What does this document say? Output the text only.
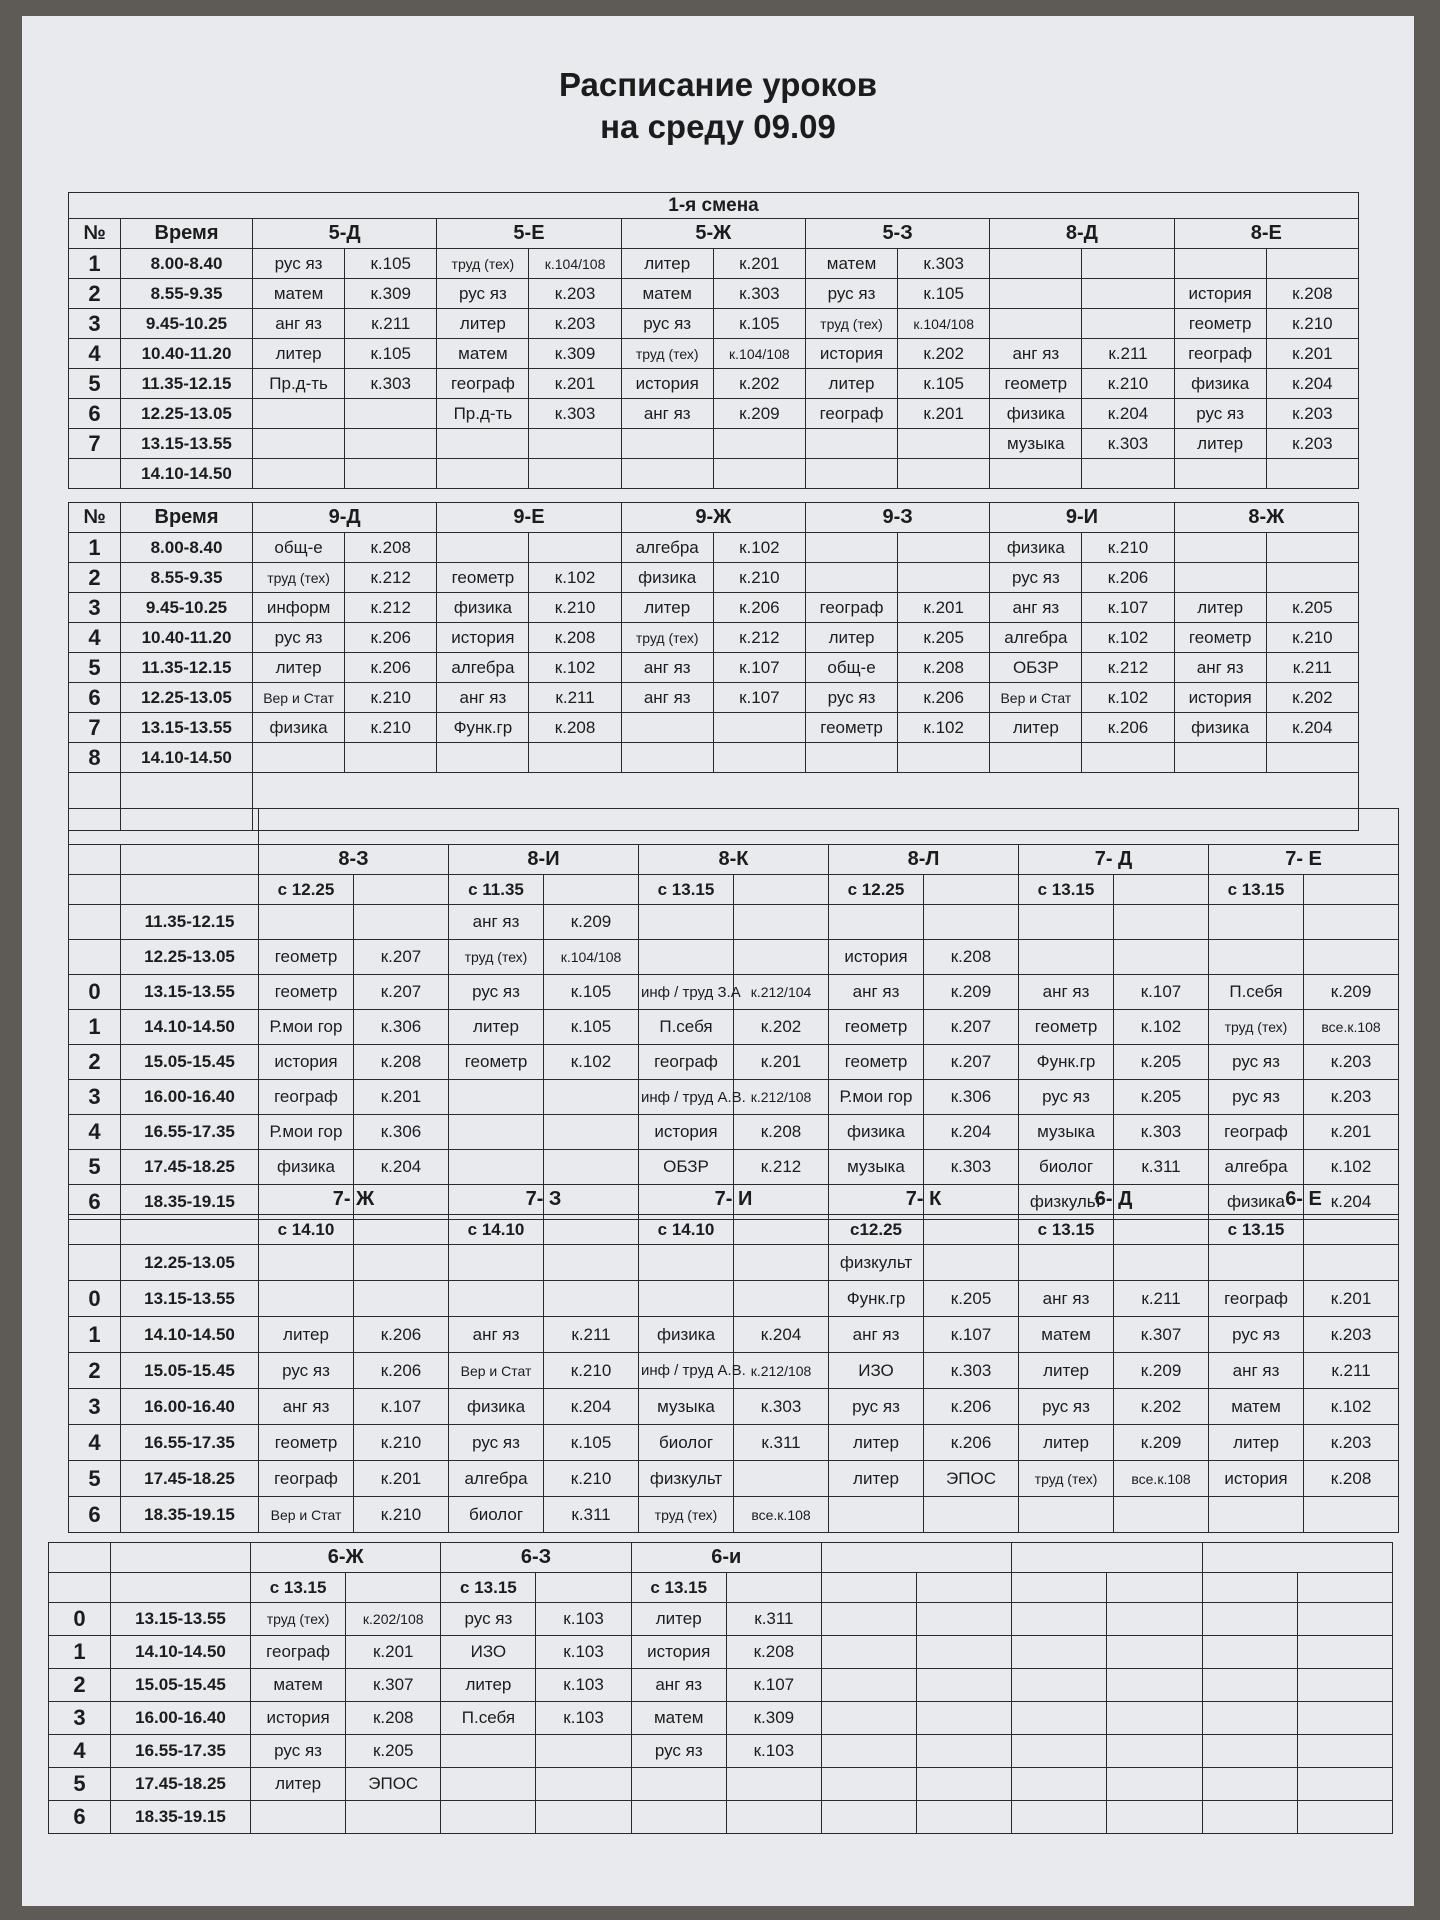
Расписание уроков
на среду 09.09
1-я смена													
№	Время	5-Д		5-Е		5-Ж		5-З		8-Д		8-Е	
1	8.00-8.40	рус яз	к.105	труд (тех)	к.104/108	литер	к.201	матем	к.303				
2	8.55-9.35	матем	к.309	рус яз	к.203	матем	к.303	рус яз	к.105			история	к.208
3	9.45-10.25	анг яз	к.211	литер	к.203	рус яз	к.105	труд (тех)	к.104/108			геометр	к.210
4	10.40-11.20	литер	к.105	матем	к.309	труд (тех)	к.104/108	история	к.202	анг яз	к.211	географ	к.201
5	11.35-12.15	Пр.д-ть	к.303	географ	к.201	история	к.202	литер	к.105	геометр	к.210	физика	к.204
6	12.25-13.05			Пр.д-ть	к.303	анг яз	к.209	географ	к.201	физика	к.204	рус яз	к.203
7	13.15-13.55									музыка	к.303	литер	к.203
	14.10-14.50												
№	Время	9-Д		9-Е		9-Ж		9-З		9-И		8-Ж	
1	8.00-8.40	общ-е	к.208			алгебра	к.102			физика	к.210		
2	8.55-9.35	труд (тех)	к.212	геометр	к.102	физика	к.210			рус яз	к.206		
3	9.45-10.25	информ	к.212	физика	к.210	литер	к.206	географ	к.201	анг яз	к.107	литер	к.205
4	10.40-11.20	рус яз	к.206	история	к.208	труд (тех)	к.212	литер	к.205	алгебра	к.102	геометр	к.210
5	11.35-12.15	литер	к.206	алгебра	к.102	анг яз	к.107	общ-е	к.208	ОБЗР	к.212	анг яз	к.211
6	12.25-13.05	Вер и Стат	к.210	анг яз	к.211	анг яз	к.107	рус яз	к.206	Вер и Стат	к.102	история	к.202
7	13.15-13.55	физика	к.210	Функ.гр	к.208			геометр	к.102	литер	к.206	физика	к.204
8	14.10-14.50												

		8-З		8-И		8-К		8-Л		7- Д		7- Е	
		с 12.25		с 11.35		с 13.15		с 12.25		с 13.15		с 13.15	
	11.35-12.15			анг яз	к.209								
	12.25-13.05	геометр	к.207	труд (тех)	к.104/108			история	к.208				
0	13.15-13.55	геометр	к.207	рус яз	к.105	инф / труд З.А	к.212/104	анг яз	к.209	анг яз	к.107	П.себя	к.209
1	14.10-14.50	Р.мои гор	к.306	литер	к.105	П.себя	к.202	геометр	к.207	геометр	к.102	труд (тех)	все.к.108
2	15.05-15.45	история	к.208	геометр	к.102	географ	к.201	геометр	к.207	Функ.гр	к.205	рус яз	к.203
3	16.00-16.40	географ	к.201			инф / труд А.В.	к.212/108	Р.мои гор	к.306	рус яз	к.205	рус яз	к.203
4	16.55-17.35	Р.мои гор	к.306			история	к.208	физика	к.204	музыка	к.303	географ	к.201
5	17.45-18.25	физика	к.204			ОБЗР	к.212	музыка	к.303	биолог	к.311	алгебра	к.102
6	18.35-19.15									физкульт		физика	к.204
		7- Ж		7- З		7- И		7- К		6- Д		6- Е	
		с 14.10		с 14.10		с 14.10		с12.25		с 13.15		с 13.15	
	12.25-13.05							физкульт					
0	13.15-13.55							Функ.гр	к.205	анг яз	к.211	географ	к.201
1	14.10-14.50	литер	к.206	анг яз	к.211	физика	к.204	анг яз	к.107	матем	к.307	рус яз	к.203
2	15.05-15.45	рус яз	к.206	Вер и Стат	к.210	инф / труд А.В.	к.212/108	ИЗО	к.303	литер	к.209	анг яз	к.211
3	16.00-16.40	анг яз	к.107	физика	к.204	музыка	к.303	рус яз	к.206	рус яз	к.202	матем	к.102
4	16.55-17.35	геометр	к.210	рус яз	к.105	биолог	к.311	литер	к.206	литер	к.209	литер	к.203
5	17.45-18.25	географ	к.201	алгебра	к.210	физкульт		литер	ЭПОС	труд (тех)	все.к.108	история	к.208
6	18.35-19.15	Вер и Стат	к.210	биолог	к.311	труд (тех)	все.к.108						
		6-Ж		6-З		6-и							
		с 13.15		с 13.15		с 13.15							
0	13.15-13.55	труд (тех)	к.202/108	рус яз	к.103	литер	к.311						
1	14.10-14.50	географ	к.201	ИЗО	к.103	история	к.208						
2	15.05-15.45	матем	к.307	литер	к.103	анг яз	к.107						
3	16.00-16.40	история	к.208	П.себя	к.103	матем	к.309						
4	16.55-17.35	рус яз	к.205			рус яз	к.103						
5	17.45-18.25	литер	ЭПОС										
6	18.35-19.15												
